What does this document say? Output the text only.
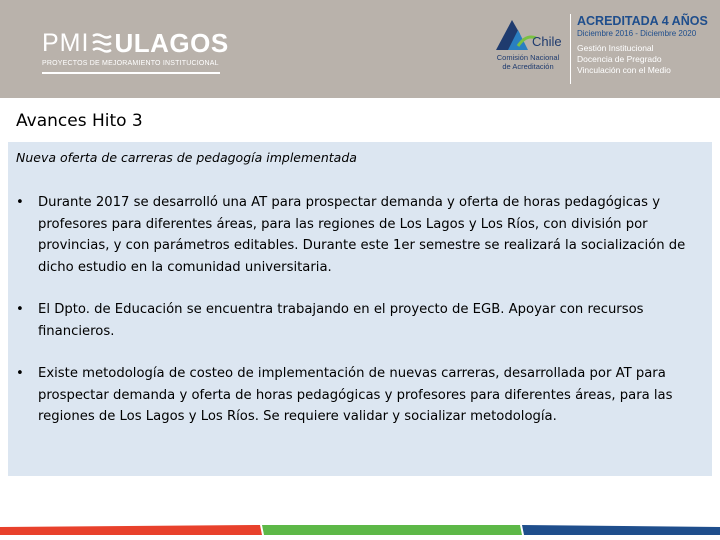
PMI ULAGOS
PROYECTOS DE MEJORAMIENTO INSTITUCIONAL
Chile
Comisión Nacional
de Acreditación
ACREDITADA 4 AÑOS
Diciembre 2016 - Diciembre 2020
Gestión Institucional
Docencia de Pregrado
Vinculación con el Medio
Avances Hito 3
Nueva oferta de carreras de pedagogía implementada
• Durante 2017 se desarrolló una AT para prospectar demanda y oferta de horas pedagógicas y profesores para diferentes áreas, para las regiones de Los Lagos y Los Ríos, con división por provincias, y con parámetros editables. Durante este 1er semestre se realizará la socialización de dicho estudio en la comunidad universitaria.
• El Dpto. de Educación se encuentra trabajando en el proyecto de EGB. Apoyar con recursos financieros.
• Existe metodología de costeo de implementación de nuevas carreras, desarrollada por AT para prospectar demanda y oferta de horas pedagógicas y profesores para diferentes áreas, para las regiones de Los Lagos y Los Ríos. Se requiere validar y socializar metodología.
